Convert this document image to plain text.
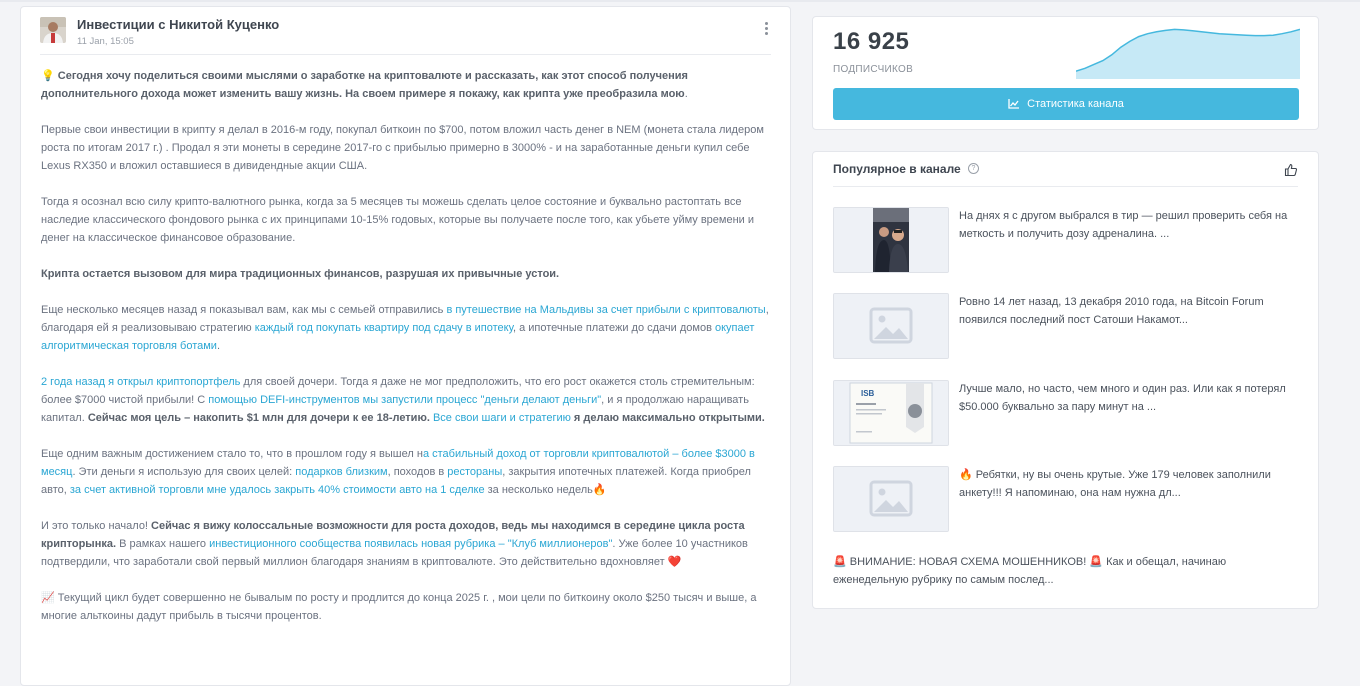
Инвестиции с Никитой Куценко
11 Jan, 15:05

💡 Сегодня хочу поделиться своими мыслями о заработке на криптовалюте и рассказать, как этот способ получения дополнительного дохода может изменить вашу жизнь. На своем примере я покажу, как крипта уже преобразила мою.

Первые свои инвестиции в крипту я делал в 2016-м году, покупал биткоин по $700, потом вложил часть денег в NEM (монета стала лидером роста по итогам 2017 г.) . Продал я эти монеты в середине 2017-го с прибылью примерно в 3000% - и на заработанные деньги купил себе Lexus RX350 и вложил оставшиеся в дивидендные акции США.

Тогда я осознал всю силу крипто-валютного рынка, когда за 5 месяцев ты можешь сделать целое состояние и буквально растоптать все наследие классического фондового рынка с их принципами 10-15% годовых, которые вы получаете после того, как убьете уйму времени и денег на классическое финансовое образование.

Крипта остается вызовом для мира традиционных финансов, разрушая их привычные устои.

Еще несколько месяцев назад я показывал вам, как мы с семьей отправились в путешествие на Мальдивы за счет прибыли с криптовалюты, благодаря ей я реализовываю стратегию каждый год покупать квартиру под сдачу в ипотеку, а ипотечные платежи до сдачи домов окупает алгоритмическая торговля ботами.

2 года назад я открыл криптопортфель для своей дочери. Тогда я даже не мог предположить, что его рост окажется столь стремительным: более $7000 чистой прибыли! С помощью DEFI-инструментов мы запустили процесс "деньги делают деньги", и я продолжаю наращивать капитал. Сейчас моя цель – накопить $1 млн для дочери к ее 18-летию. Все свои шаги и стратегию я делаю максимально открытыми.

Еще одним важным достижением стало то, что в прошлом году я вышел на стабильный доход от торговли криптовалютой – более $3000 в месяц. Эти деньги я использую для своих целей: подарков близким, походов в рестораны, закрытия ипотечных платежей. Когда приобрел авто, за счет активной торговли мне удалось закрыть 40% стоимости авто на 1 сделке за несколько недель🔥

И это только начало! Сейчас я вижу колоссальные возможности для роста доходов, ведь мы находимся в середине цикла роста крипторынка. В рамках нашего инвестиционного сообщества появилась новая рубрика – "Клуб миллионеров". Уже более 10 участников подтвердили, что заработали свой первый миллион благодаря знаниям в криптовалюте. Это действительно вдохновляет ❤️

📈 Текущий цикл будет совершенно не бывалым по росту и продлится до конца 2025 г. , мои цели по биткоину около $250 тысяч и выше, а многие альткоины дадут прибыль в тысячи процентов.

16 925
ПОДПИСЧИКОВ
Статистика канала
Популярное в канале	?
На днях я с другом выбрался в тир — решил проверить себя на меткость и получить дозу адреналина. ...
Ровно 14 лет назад, 13 декабря 2010 года, на Bitcoin Forum появился последний пост Сатоши Накамот...
ISB	Лучше мало, но часто, чем много и один раз. Или как я потерял $50.000 буквально за пару минут на ...
🔥 Ребятки, ну вы очень крутые. Уже 179 человек заполнили анкету!!! Я напоминаю, она нам нужна дл...
🚨 ВНИМАНИЕ: НОВАЯ СХЕМА МОШЕННИКОВ! 🚨 Как и обещал, начинаю еженедельную рубрику по самым послед...
